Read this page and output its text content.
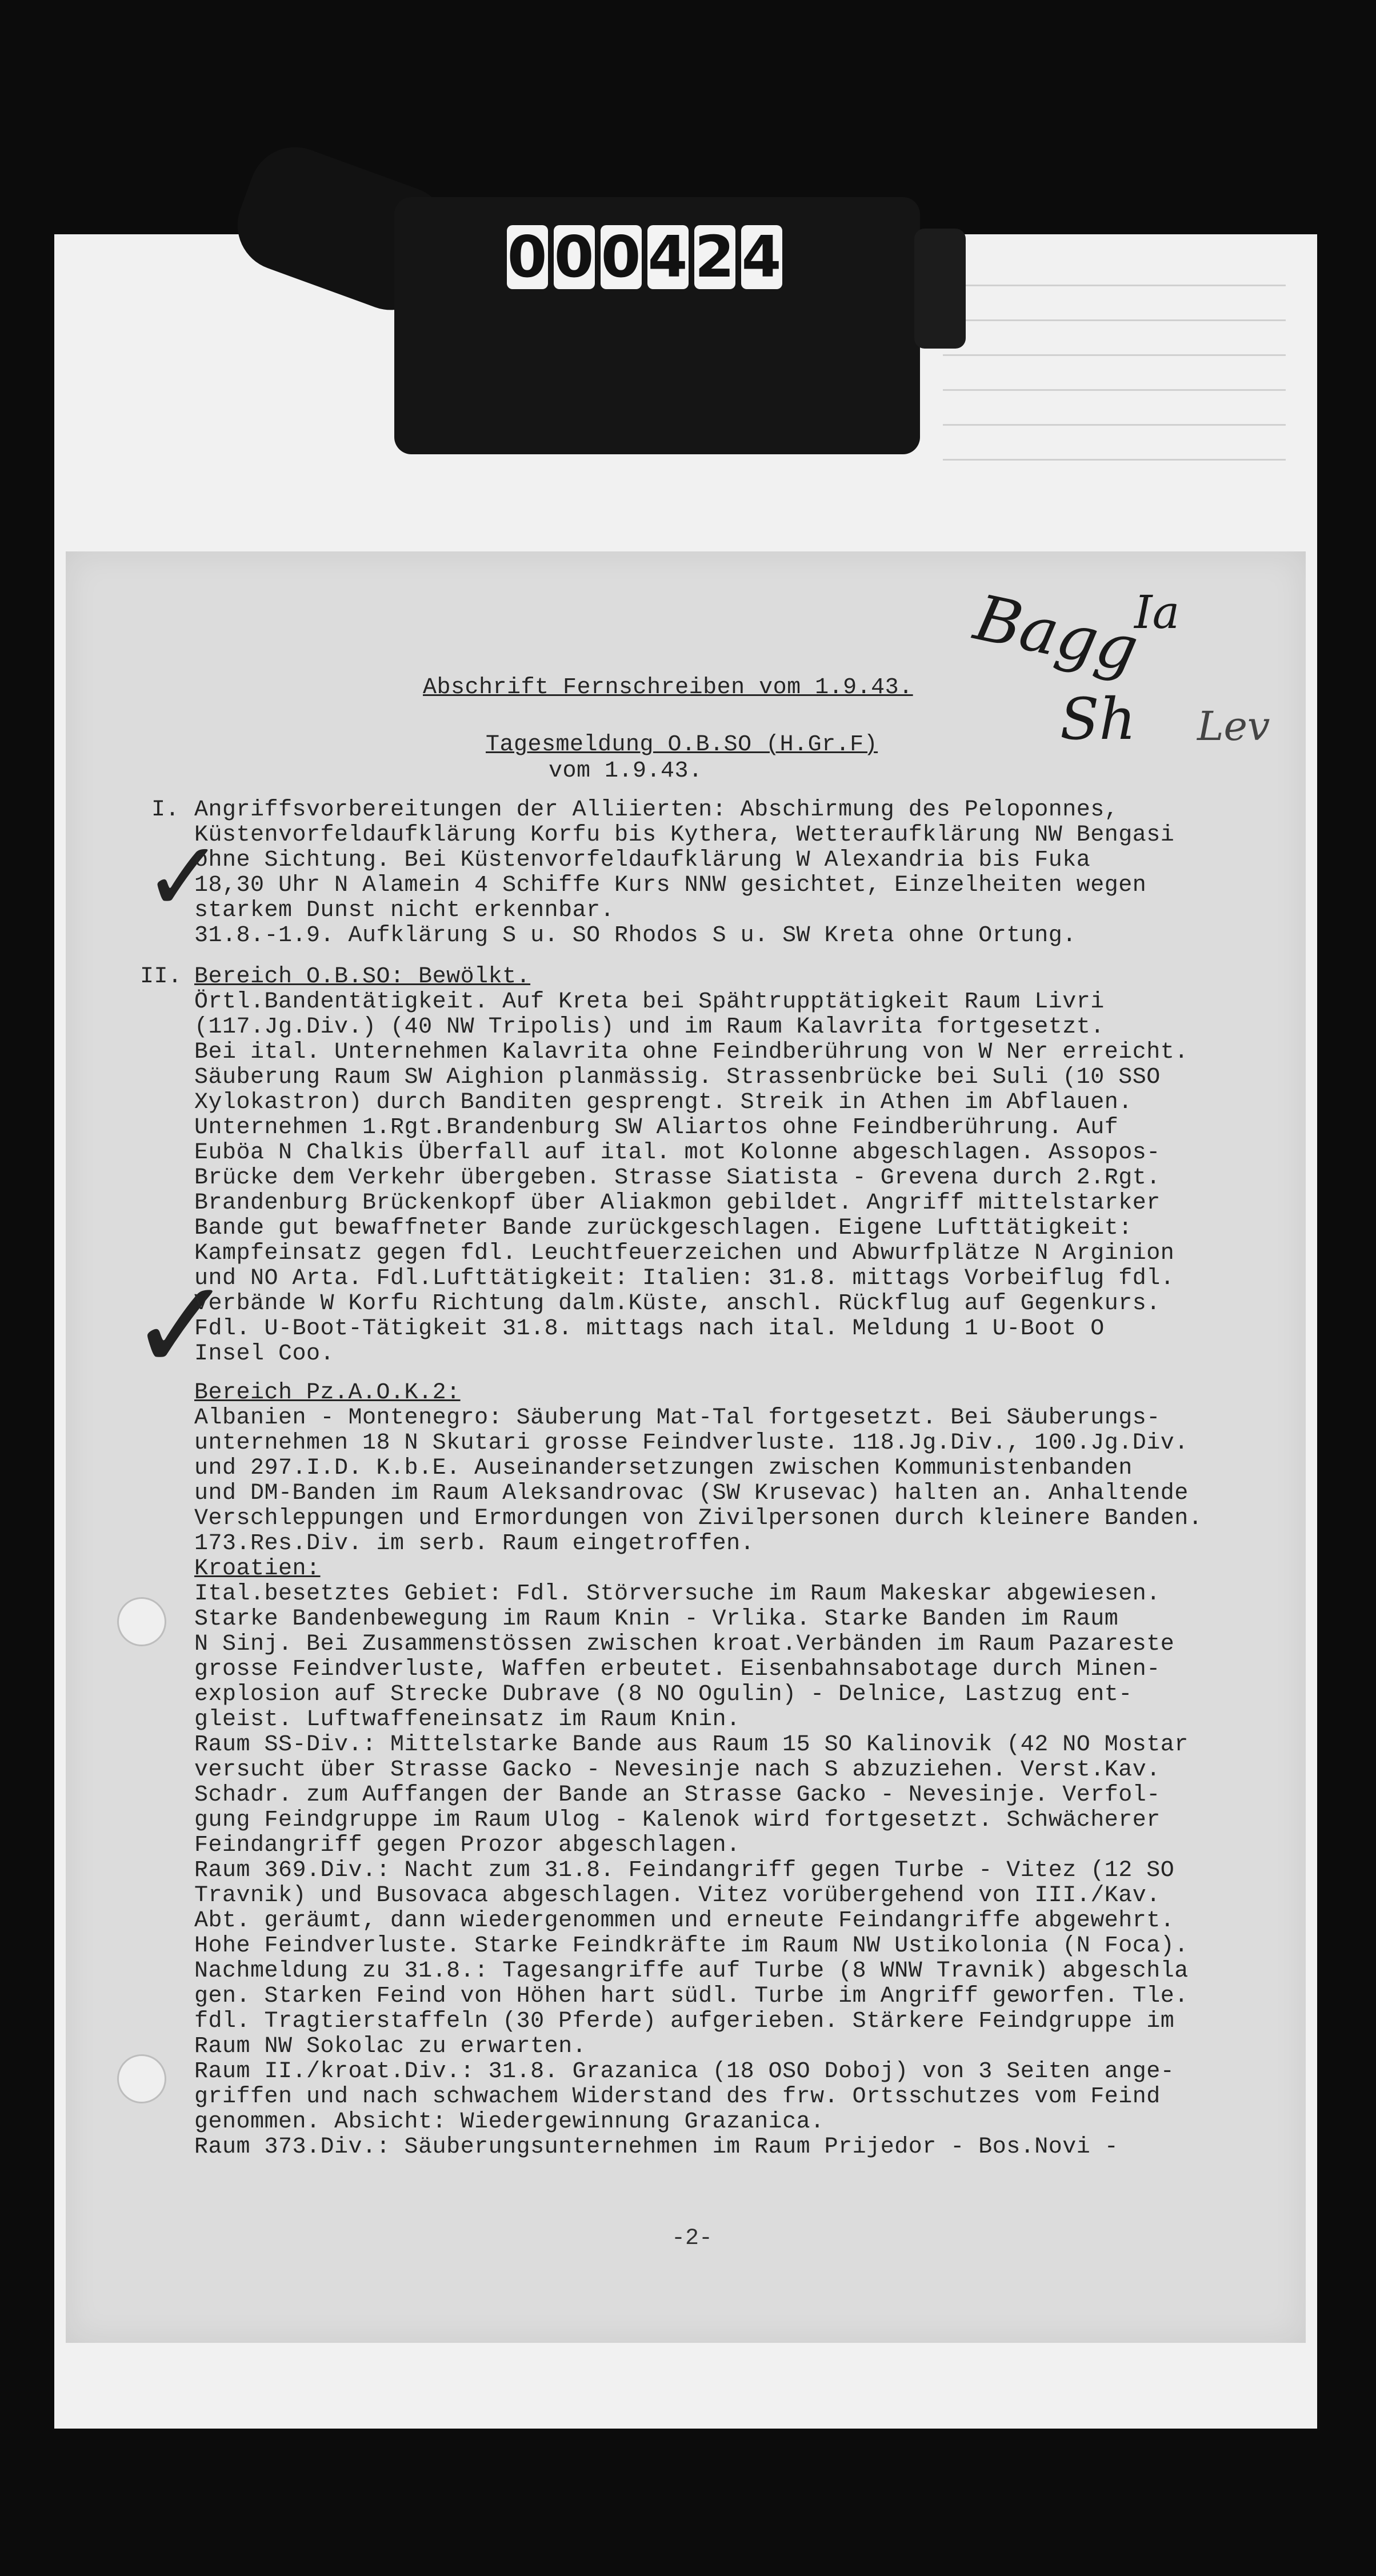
0 0 0 4 2 4
Bagg
Ia
Sh Lev
✓
✓
Abschrift Fernschreiben vom 1.9.43.
Tagesmeldung O.B.SO (H.Gr.F)
vom 1.9.43.
I. Angriffsvorbereitungen der Alliierten: Abschirmung des Peloponnes,
Küstenvorfeldaufklärung Korfu bis Kythera, Wetteraufklärung NW Bengasi
ohne Sichtung. Bei Küstenvorfeldaufklärung W Alexandria bis Fuka
18,30 Uhr N Alamein 4 Schiffe Kurs NNW gesichtet, Einzelheiten wegen
starkem Dunst nicht erkennbar.
31.8.-1.9. Aufklärung S u. SO Rhodos S u. SW Kreta ohne Ortung.
II. Bereich O.B.SO: Bewölkt.
Örtl.Bandentätigkeit. Auf Kreta bei Spähtrupptätigkeit Raum Livri
(117.Jg.Div.) (40 NW Tripolis) und im Raum Kalavrita fortgesetzt.
Bei ital. Unternehmen Kalavrita ohne Feindberührung von W Ner erreicht.
Säuberung Raum SW Aighion planmässig. Strassenbrücke bei Suli (10 SSO
Xylokastron) durch Banditen gesprengt. Streik in Athen im Abflauen.
Unternehmen 1.Rgt.Brandenburg SW Aliartos ohne Feindberührung. Auf
Euböa N Chalkis Überfall auf ital. mot Kolonne abgeschlagen. Assopos-
Brücke dem Verkehr übergeben. Strasse Siatista - Grevena durch 2.Rgt.
Brandenburg Brückenkopf über Aliakmon gebildet. Angriff mittelstarker
Bande gut bewaffneter Bande zurückgeschlagen. Eigene Lufttätigkeit:
Kampfeinsatz gegen fdl. Leuchtfeuerzeichen und Abwurfplätze N Arginion
und NO Arta. Fdl.Lufttätigkeit: Italien: 31.8. mittags Vorbeiflug fdl.
Verbände W Korfu Richtung dalm.Küste, anschl. Rückflug auf Gegenkurs.
Fdl. U-Boot-Tätigkeit 31.8. mittags nach ital. Meldung 1 U-Boot O
Insel Coo.
Bereich Pz.A.O.K.2:
Albanien - Montenegro: Säuberung Mat-Tal fortgesetzt. Bei Säuberungs-
unternehmen 18 N Skutari grosse Feindverluste. 118.Jg.Div., 100.Jg.Div.
und 297.I.D. K.b.E. Auseinandersetzungen zwischen Kommunistenbanden
und DM-Banden im Raum Aleksandrovac (SW Krusevac) halten an. Anhaltende
Verschleppungen und Ermordungen von Zivilpersonen durch kleinere Banden.
173.Res.Div. im serb. Raum eingetroffen.
Kroatien:
Ital.besetztes Gebiet: Fdl. Störversuche im Raum Makeskar abgewiesen.
Starke Bandenbewegung im Raum Knin - Vrlika. Starke Banden im Raum
N Sinj. Bei Zusammenstössen zwischen kroat.Verbänden im Raum Pazareste
grosse Feindverluste, Waffen erbeutet. Eisenbahnsabotage durch Minen-
explosion auf Strecke Dubrave (8 NO Ogulin) - Delnice, Lastzug ent-
gleist. Luftwaffeneinsatz im Raum Knin.
Raum SS-Div.: Mittelstarke Bande aus Raum 15 SO Kalinovik (42 NO Mostar
versucht über Strasse Gacko - Nevesinje nach S abzuziehen. Verst.Kav.
Schadr. zum Auffangen der Bande an Strasse Gacko - Nevesinje. Verfol-
gung Feindgruppe im Raum Ulog - Kalenok wird fortgesetzt. Schwächerer
Feindangriff gegen Prozor abgeschlagen.
Raum 369.Div.: Nacht zum 31.8. Feindangriff gegen Turbe - Vitez (12 SO
Travnik) und Busovaca abgeschlagen. Vitez vorübergehend von III./Kav.
Abt. geräumt, dann wiedergenommen und erneute Feindangriffe abgewehrt.
Hohe Feindverluste. Starke Feindkräfte im Raum NW Ustikolonia (N Foca).
Nachmeldung zu 31.8.: Tagesangriffe auf Turbe (8 WNW Travnik) abgeschla
gen. Starken Feind von Höhen hart südl. Turbe im Angriff geworfen. Tle.
fdl. Tragtierstaffeln (30 Pferde) aufgerieben. Stärkere Feindgruppe im
Raum NW Sokolac zu erwarten.
Raum II./kroat.Div.: 31.8. Grazanica (18 OSO Doboj) von 3 Seiten ange-
griffen und nach schwachem Widerstand des frw. Ortsschutzes vom Feind
genommen. Absicht: Wiedergewinnung Grazanica.
Raum 373.Div.: Säuberungsunternehmen im Raum Prijedor - Bos.Novi -
-2-
